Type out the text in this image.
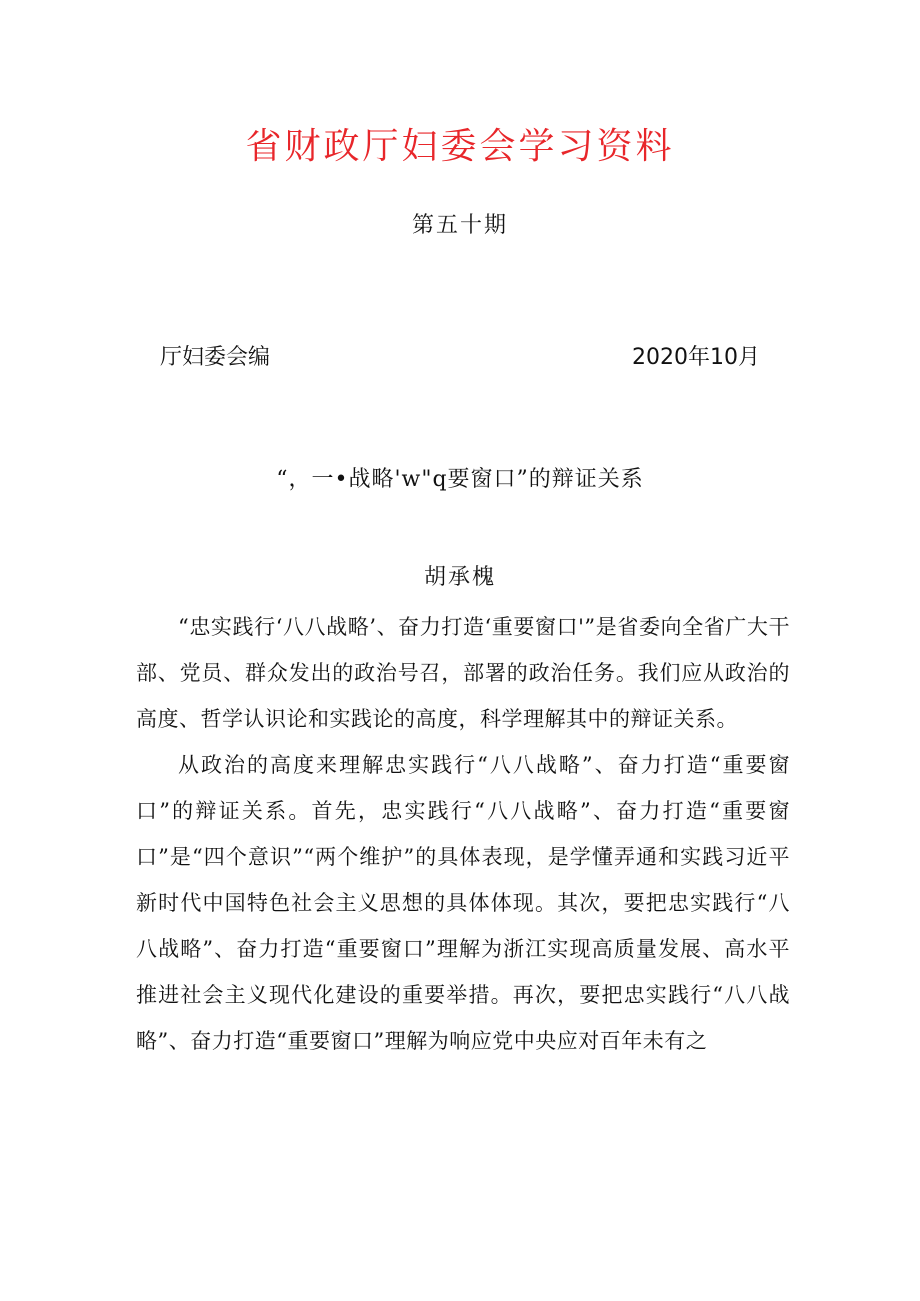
省财政厅妇委会学习资料
第五十期
厅妇委会编	2020年10月
“，一•战略'w"q要窗口”的辩证关系
胡承槐

“忠实践行‘八八战略’、奋力打造‘重要窗口'”是省委向全省广大干部、党员、群众发出的政治号召，部署的政治任务。我们应从政治的高度、哲学认识论和实践论的高度，科学理解其中的辩证关系。

从政治的高度来理解忠实践行“八八战略”、奋力打造“重要窗口”的辩证关系。首先，忠实践行“八八战略”、奋力打造“重要窗口”是“四个意识”“两个维护”的具体表现，是学懂弄通和实践习近平新时代中国特色社会主义思想的具体体现。其次，要把忠实践行“八八战略”、奋力打造“重要窗口”理解为浙江实现高质量发展、高水平推进社会主义现代化建设的重要举措。再次，要把忠实践行“八八战略”、奋力打造“重要窗口”理解为响应党中央应对百年未有之
